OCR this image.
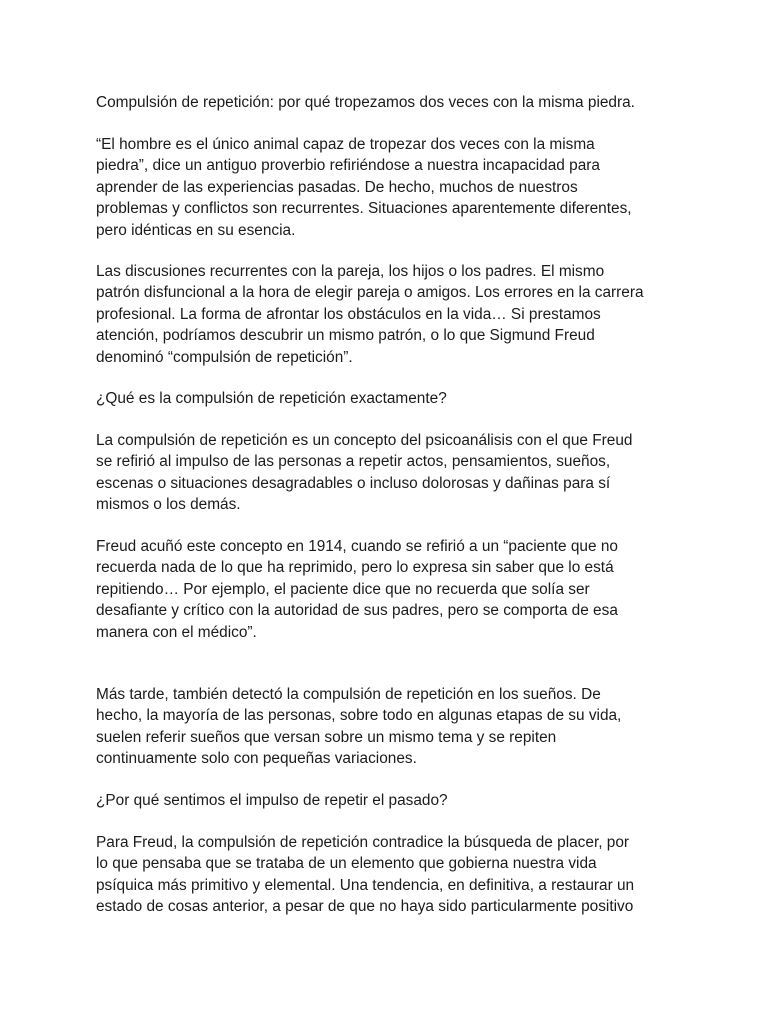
Compulsión de repetición: por qué tropezamos dos veces con la misma piedra.
“El hombre es el único animal capaz de tropezar dos veces con la misma
piedra”, dice un antiguo proverbio refiriéndose a nuestra incapacidad para
aprender de las experiencias pasadas. De hecho, muchos de nuestros
problemas y conflictos son recurrentes. Situaciones aparentemente diferentes,
pero idénticas en su esencia.
Las discusiones recurrentes con la pareja, los hijos o los padres. El mismo
patrón disfuncional a la hora de elegir pareja o amigos. Los errores en la carrera
profesional. La forma de afrontar los obstáculos en la vida… Si prestamos
atención, podríamos descubrir un mismo patrón, o lo que Sigmund Freud
denominó “compulsión de repetición”.
¿Qué es la compulsión de repetición exactamente?
La compulsión de repetición es un concepto del psicoanálisis con el que Freud
se refirió al impulso de las personas a repetir actos, pensamientos, sueños,
escenas o situaciones desagradables o incluso dolorosas y dañinas para sí
mismos o los demás.
Freud acuñó este concepto en 1914, cuando se refirió a un “paciente que no
recuerda nada de lo que ha reprimido, pero lo expresa sin saber que lo está
repitiendo… Por ejemplo, el paciente dice que no recuerda que solía ser
desafiante y crítico con la autoridad de sus padres, pero se comporta de esa
manera con el médico”.
Más tarde, también detectó la compulsión de repetición en los sueños. De
hecho, la mayoría de las personas, sobre todo en algunas etapas de su vida,
suelen referir sueños que versan sobre un mismo tema y se repiten
continuamente solo con pequeñas variaciones.
¿Por qué sentimos el impulso de repetir el pasado?
Para Freud, la compulsión de repetición contradice la búsqueda de placer, por
lo que pensaba que se trataba de un elemento que gobierna nuestra vida
psíquica más primitivo y elemental. Una tendencia, en definitiva, a restaurar un
estado de cosas anterior, a pesar de que no haya sido particularmente positivo
